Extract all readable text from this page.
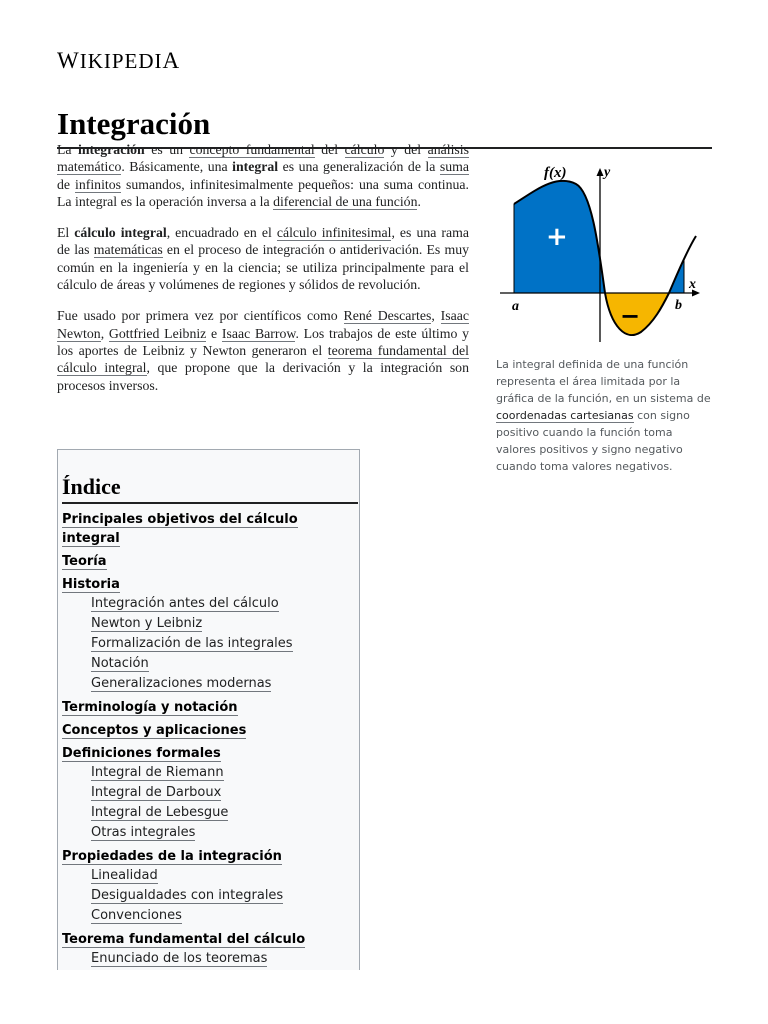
WIKIPEDIA
Integración

La integración es un concepto fundamental del cálculo y del análisis matemático. Básicamente, una integral es una generalización de la suma de infinitos sumandos, infinitesimalmente pequeños: una suma continua. La integral es la operación inversa a la diferencial de una función.

El cálculo integral, encuadrado en el cálculo infinitesimal, es una rama de las matemáticas en el proceso de integración o antiderivación. Es muy común en la ingeniería y en la ciencia; se utiliza principalmente para el cálculo de áreas y volúmenes de regiones y sólidos de revolución.

Fue usado por primera vez por científicos como René Descartes, Isaac Newton, Gottfried Leibniz e Isaac Barrow. Los trabajos de este último y los aportes de Leibniz y Newton generaron el teorema fundamental del cálculo integral, que propone que la derivación y la integración son procesos inversos.

f(x)	y
x
a	b
+
−
La integral definida de una función representa el área limitada por la gráfica de la función, en un sistema de coordenadas cartesianas con signo positivo cuando la función toma valores positivos y signo negativo cuando toma valores negativos.
Índice
Principales objetivos del cálculo integral
Teoría
Historia
Integración antes del cálculo
Newton y Leibniz
Formalización de las integrales
Notación
Generalizaciones modernas
Terminología y notación
Conceptos y aplicaciones
Definiciones formales
Integral de Riemann
Integral de Darboux
Integral de Lebesgue
Otras integrales
Propiedades de la integración
Linealidad
Desigualdades con integrales
Convenciones
Teorema fundamental del cálculo
Enunciado de los teoremas
